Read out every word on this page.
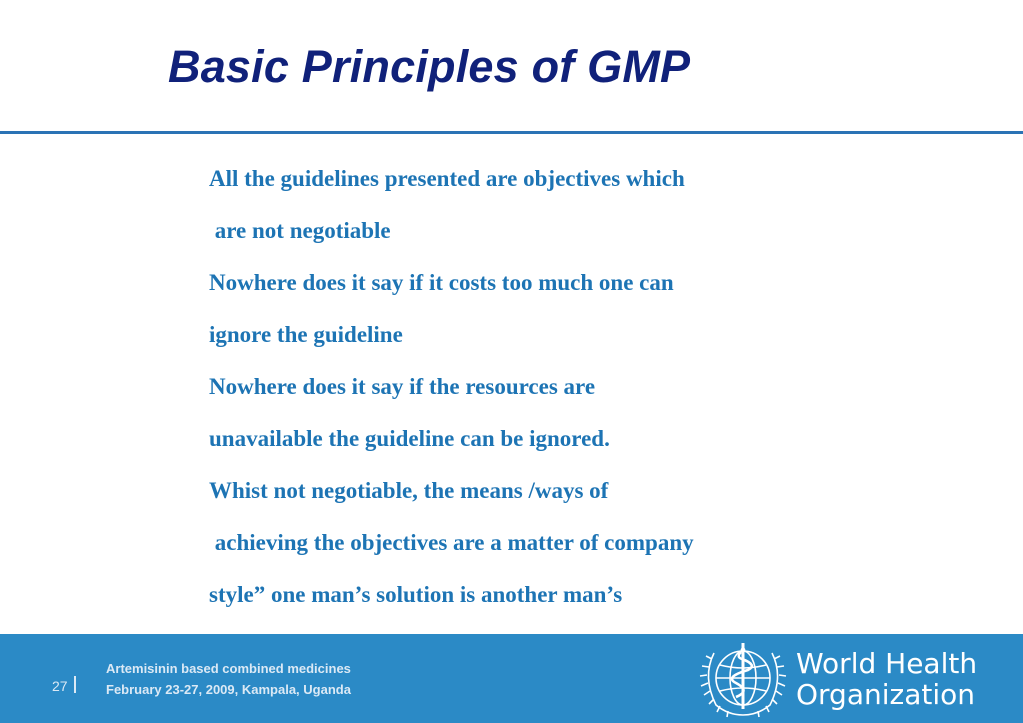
Basic Principles of GMP
All the guidelines presented are objectives which
are not negotiable
Nowhere does it say if it costs too much one can
ignore the guideline
Nowhere does it say if the resources are
unavailable the guideline can be ignored.
Whist not negotiable, the means /ways of
achieving the objectives are a matter of company
style” one man’s solution is another man’s
27
Artemisinin based combined medicines
February 23-27, 2009, Kampala, Uganda
World Health
Organization
